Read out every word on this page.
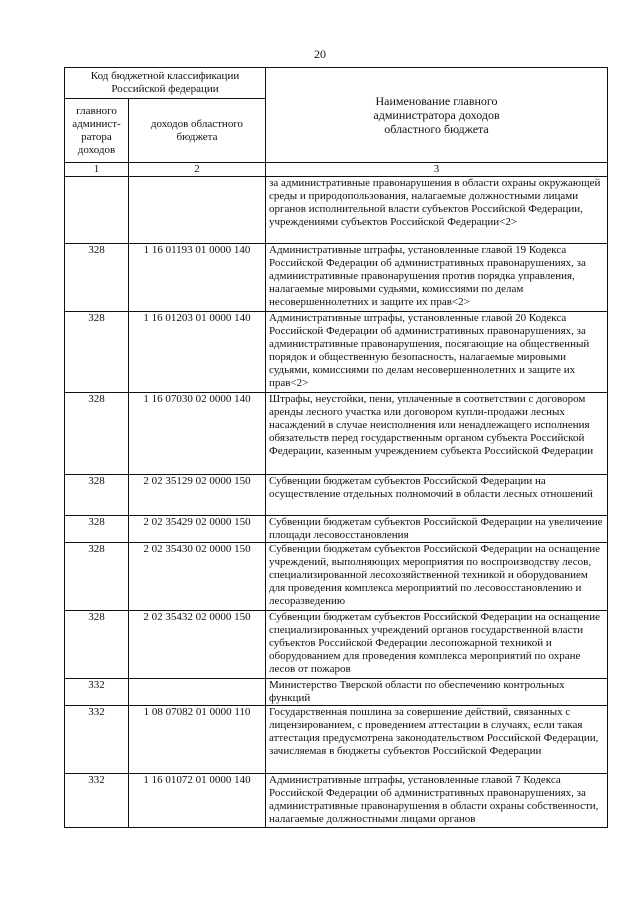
20
Код бюджетной классификации Российской федерации		Наименование главного администратора доходов областного бюджета

главного админист-ратора доходов	доходов областного бюджета	

1	2	3
		за административные правонарушения в области охраны окружающей среды и природопользования, налагаемые должностными лицами органов исполнительной власти субъектов Российской Федерации, учреждениями субъектов Российской Федерации<2>
328	1 16 01193 01 0000 140	Административные штрафы, установленные главой 19 Кодекса Российской Федерации об административных правонарушениях, за административные правонарушения против порядка управления, налагаемые мировыми судьями, комиссиями по делам несовершеннолетних и защите их прав<2>
328	1 16 01203 01 0000 140	Административные штрафы, установленные главой 20 Кодекса Российской Федерации об административных правонарушениях, за административные правонарушения, посягающие на общественный порядок и общественную безопасность, налагаемые мировыми судьями, комиссиями по делам несовершеннолетних и защите их прав<2>
328	1 16 07030 02 0000 140	Штрафы, неустойки, пени, уплаченные в соответствии с договором аренды лесного участка или договором купли-продажи лесных насаждений в случае неисполнения или ненадлежащего исполнения обязательств перед государственным органом субъекта Российской Федерации, казенным учреждением субъекта Российской Федерации
328	2 02 35129 02 0000 150	Субвенции бюджетам субъектов Российской Федерации на осуществление отдельных полномочий в области лесных отношений
328	2 02 35429 02 0000 150	Субвенции бюджетам субъектов Российской Федерации на увеличение площади лесовосстановления
328	2 02 35430 02 0000 150	Субвенции бюджетам субъектов Российской Федерации на оснащение учреждений, выполняющих мероприятия по воспроизводству лесов, специализированной лесохозяйственной техникой и оборудованием для проведения комплекса мероприятий по лесовосстановлению и лесоразведению
328	2 02 35432 02 0000 150	Субвенции бюджетам субъектов Российской Федерации на оснащение специализированных учреждений органов государственной власти субъектов Российской Федерации лесопожарной техникой и оборудованием для проведения комплекса мероприятий по охране лесов от пожаров
332		Министерство Тверской области по обеспечению контрольных функций
332	1 08 07082 01 0000 110	Государственная пошлина за совершение действий, связанных с лицензированием, с проведением аттестации в случаях, если такая аттестация предусмотрена законодательством Российской Федерации, зачисляемая в бюджеты субъектов Российской Федерации
332	1 16 01072 01 0000 140	Административные штрафы, установленные главой 7 Кодекса Российской Федерации об административных правонарушениях, за административные правонарушения в области охраны собственности, налагаемые должностными лицами органов
